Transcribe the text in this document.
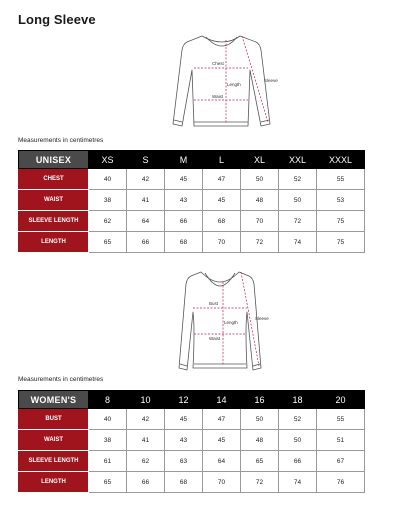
Long Sleeve
Chest
Waist
Length
Sleeve
Measurements in centimetres
UNISEX	XS	S	M	L	XL	XXL	XXXL
CHEST	40	42	45	47	50	52	55
WAIST	38	41	43	45	48	50	53
SLEEVE LENGTH	62	64	66	68	70	72	75
LENGTH	65	66	68	70	72	74	75
Bust
Waist
Length
Sleeve
Measurements in centimetres
WOMEN'S	8	10	12	14	16	18	20
BUST	40	42	45	47	50	52	55
WAIST	38	41	43	45	48	50	51
SLEEVE LENGTH	61	62	63	64	65	66	67
LENGTH	65	66	68	70	72	74	76
